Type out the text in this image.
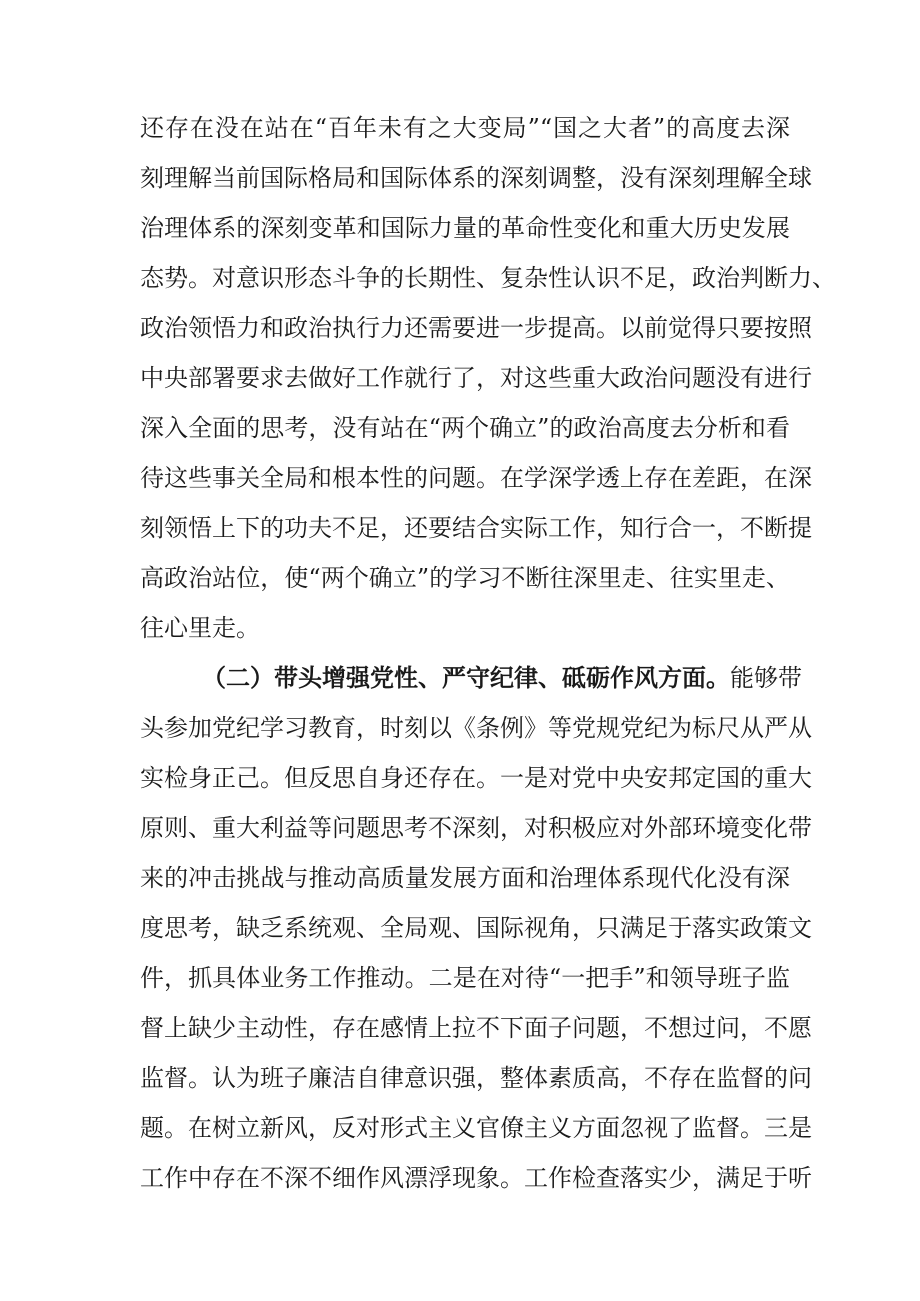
还存在没在站在“百年未有之大变局”“国之大者”的高度去深
刻理解当前国际格局和国际体系的深刻调整，没有深刻理解全球
治理体系的深刻变革和国际力量的革命性变化和重大历史发展
态势。对意识形态斗争的长期性、复杂性认识不足，政治判断力、
政治领悟力和政治执行力还需要进一步提高。以前觉得只要按照
中央部署要求去做好工作就行了，对这些重大政治问题没有进行
深入全面的思考，没有站在“两个确立”的政治高度去分析和看
待这些事关全局和根本性的问题。在学深学透上存在差距，在深
刻领悟上下的功夫不足，还要结合实际工作，知行合一，不断提
高政治站位，使“两个确立”的学习不断往深里走、往实里走、
往心里走。
（二）带头增强党性、严守纪律、砥砺作风方面。能够带
头参加党纪学习教育，时刻以《条例》等党规党纪为标尺从严从
实检身正己。但反思自身还存在。一是对党中央安邦定国的重大
原则、重大利益等问题思考不深刻，对积极应对外部环境变化带
来的冲击挑战与推动高质量发展方面和治理体系现代化没有深
度思考，缺乏系统观、全局观、国际视角，只满足于落实政策文
件，抓具体业务工作推动。二是在对待“一把手”和领导班子监
督上缺少主动性，存在感情上拉不下面子问题，不想过问，不愿
监督。认为班子廉洁自律意识强，整体素质高，不存在监督的问
题。在树立新风，反对形式主义官僚主义方面忽视了监督。三是
工作中存在不深不细作风漂浮现象。工作检查落实少，满足于听
